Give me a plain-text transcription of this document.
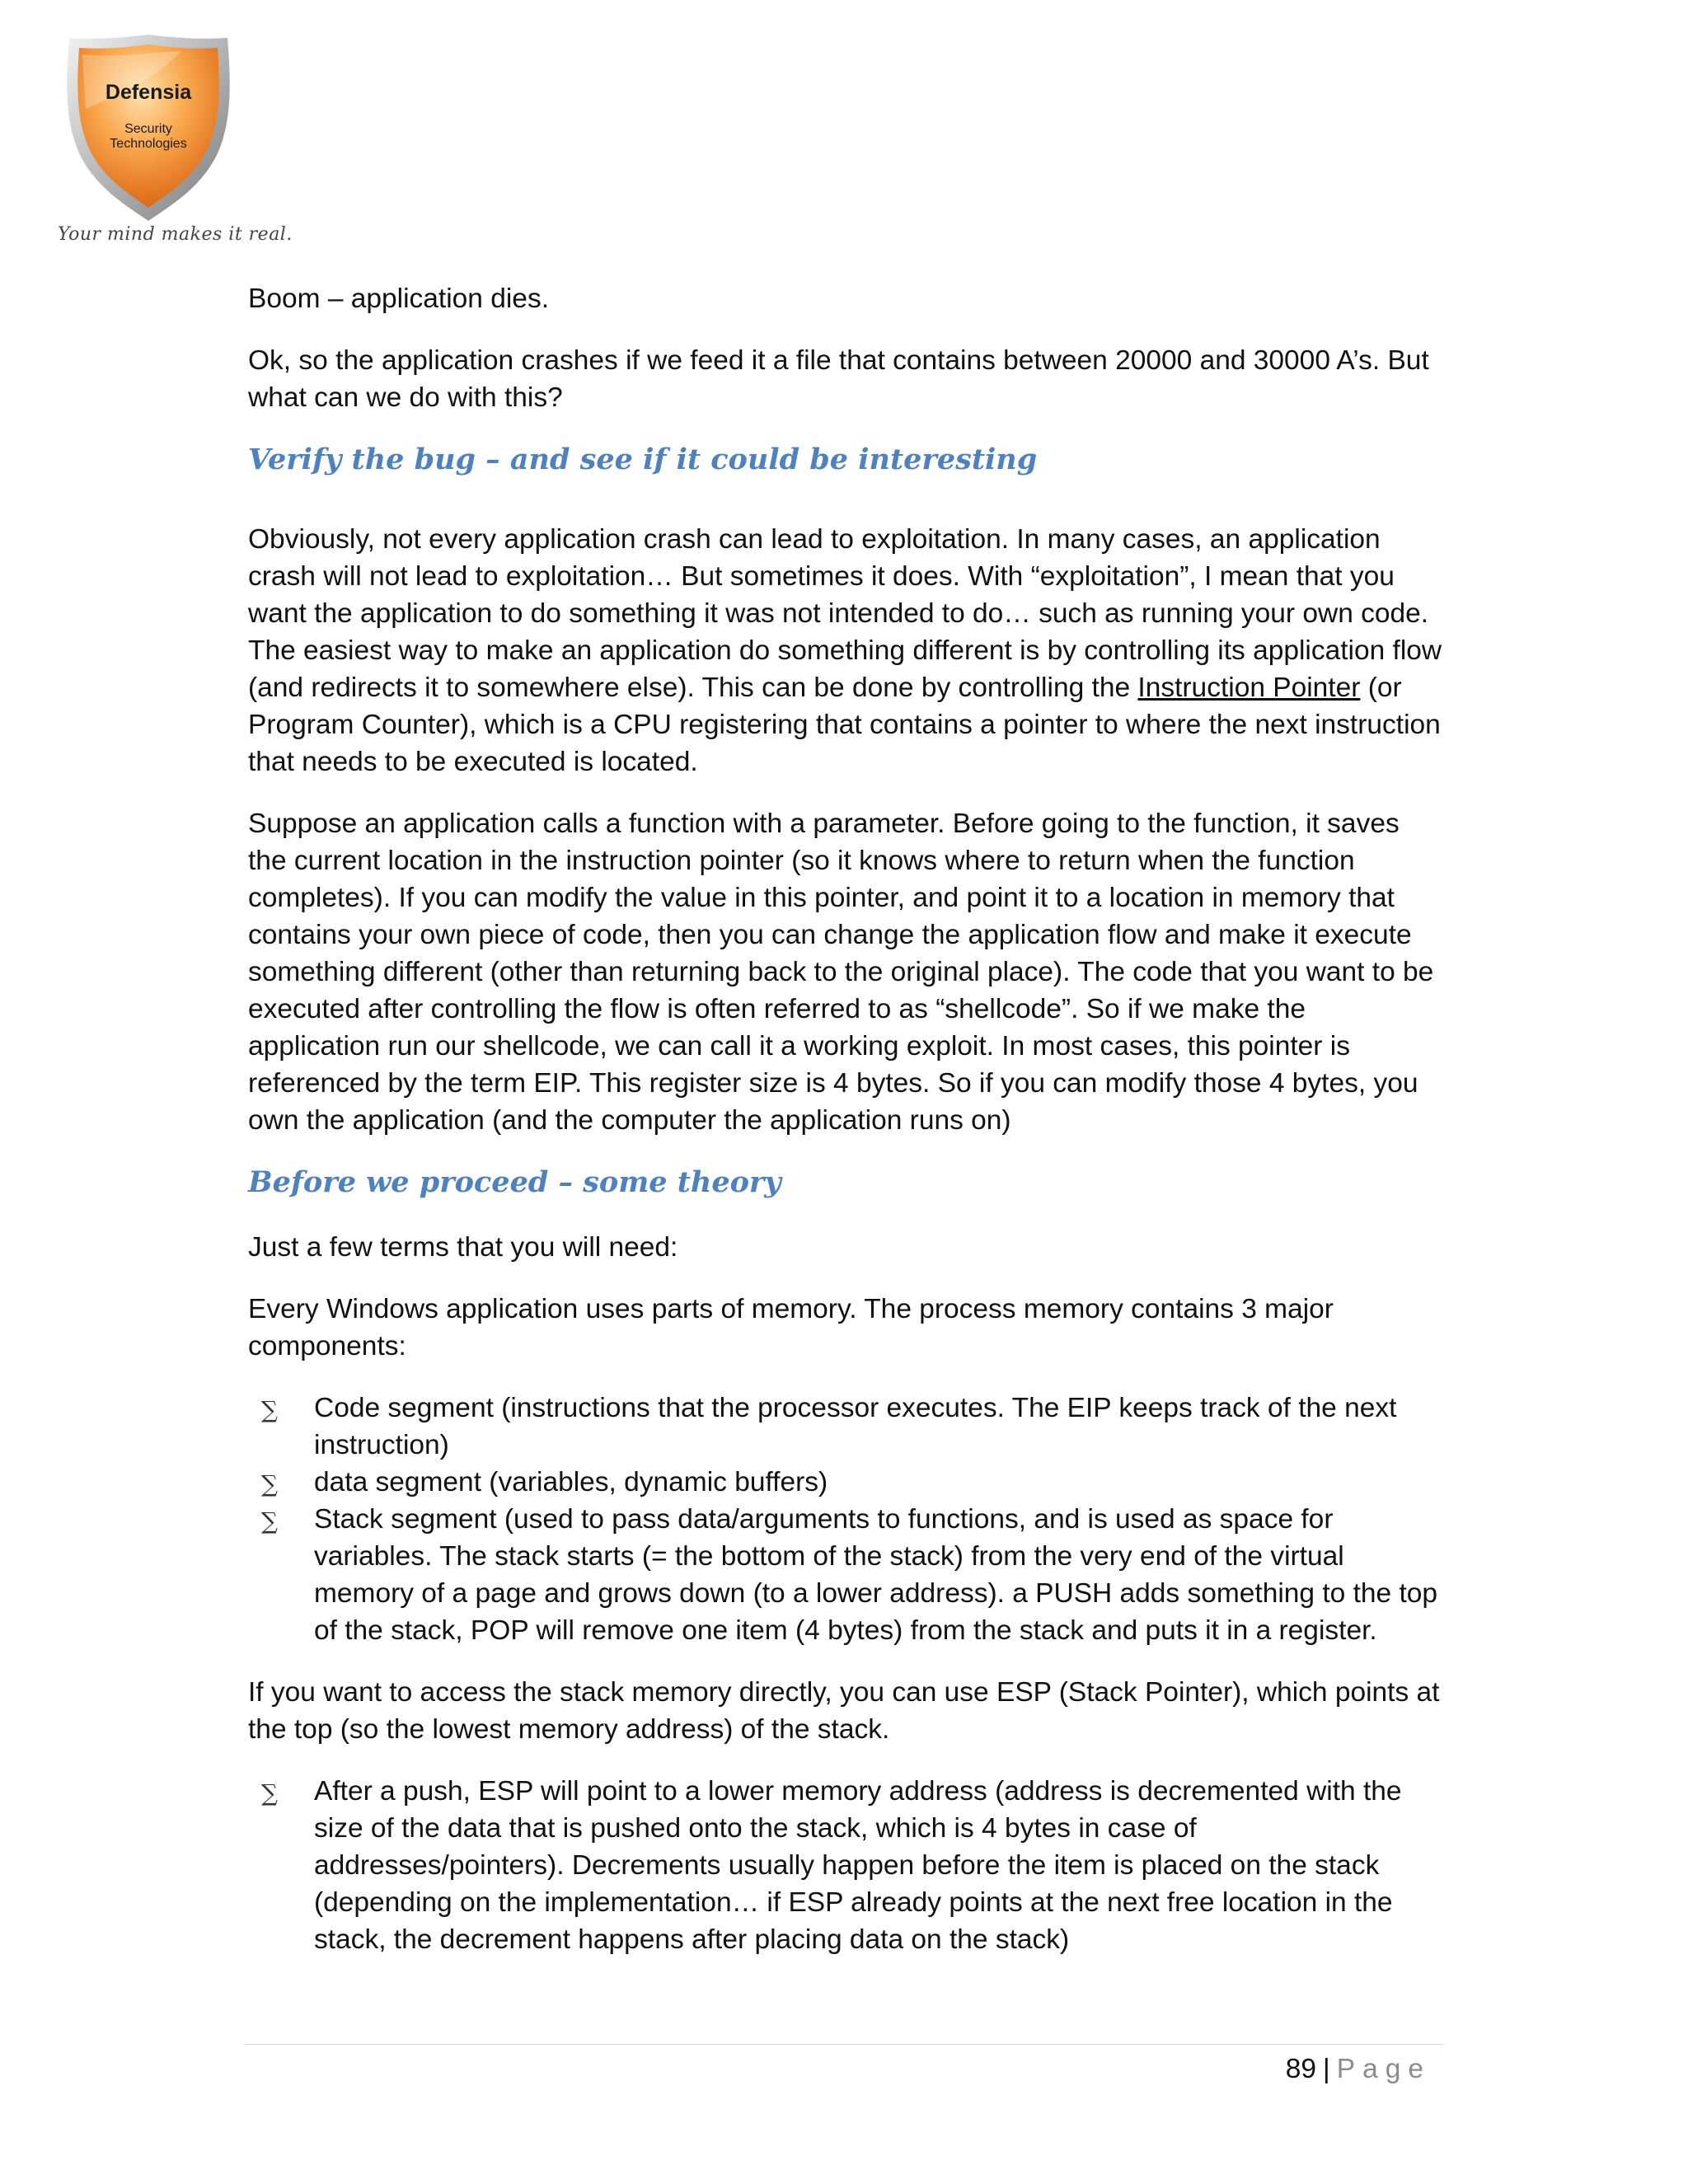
Defensia
Security
Technologies
Your mind makes it real.

Boom – application dies.

Ok, so the application crashes if we feed it a file that contains between 20000 and 30000 A’s. But what can we do with this?

Verify the bug – and see if it could be interesting

Obviously, not every application crash can lead to exploitation. In many cases, an application crash will not lead to exploitation… But sometimes it does. With “exploitation”, I mean that you want the application to do something it was not intended to do… such as running your own code. The easiest way to make an application do something different is by controlling its application flow (and redirects it to somewhere else). This can be done by controlling the Instruction Pointer (or Program Counter), which is a CPU registering that contains a pointer to where the next instruction that needs to be executed is located.

Suppose an application calls a function with a parameter. Before going to the function, it saves the current location in the instruction pointer (so it knows where to return when the function completes). If you can modify the value in this pointer, and point it to a location in memory that contains your own piece of code, then you can change the application flow and make it execute something different (other than returning back to the original place). The code that you want to be executed after controlling the flow is often referred to as “shellcode”. So if we make the application run our shellcode, we can call it a working exploit. In most cases, this pointer is referenced by the term EIP. This register size is 4 bytes. So if you can modify those 4 bytes, you own the application (and the computer the application runs on)

Before we proceed – some theory

Just a few terms that you will need:

Every Windows application uses parts of memory. The process memory contains 3 major components:

∑ Code segment (instructions that the processor executes. The EIP keeps track of the next instruction)
∑ data segment (variables, dynamic buffers)
∑ Stack segment (used to pass data/arguments to functions, and is used as space for variables. The stack starts (= the bottom of the stack) from the very end of the virtual memory of a page and grows down (to a lower address). a PUSH adds something to the top of the stack, POP will remove one item (4 bytes) from the stack and puts it in a register.

If you want to access the stack memory directly, you can use ESP (Stack Pointer), which points at the top (so the lowest memory address) of the stack.

∑ After a push, ESP will point to a lower memory address (address is decremented with the size of the data that is pushed onto the stack, which is 4 bytes in case of addresses/pointers). Decrements usually happen before the item is placed on the stack (depending on the implementation… if ESP already points at the next free location in the stack, the decrement happens after placing data on the stack)
89 | Page
